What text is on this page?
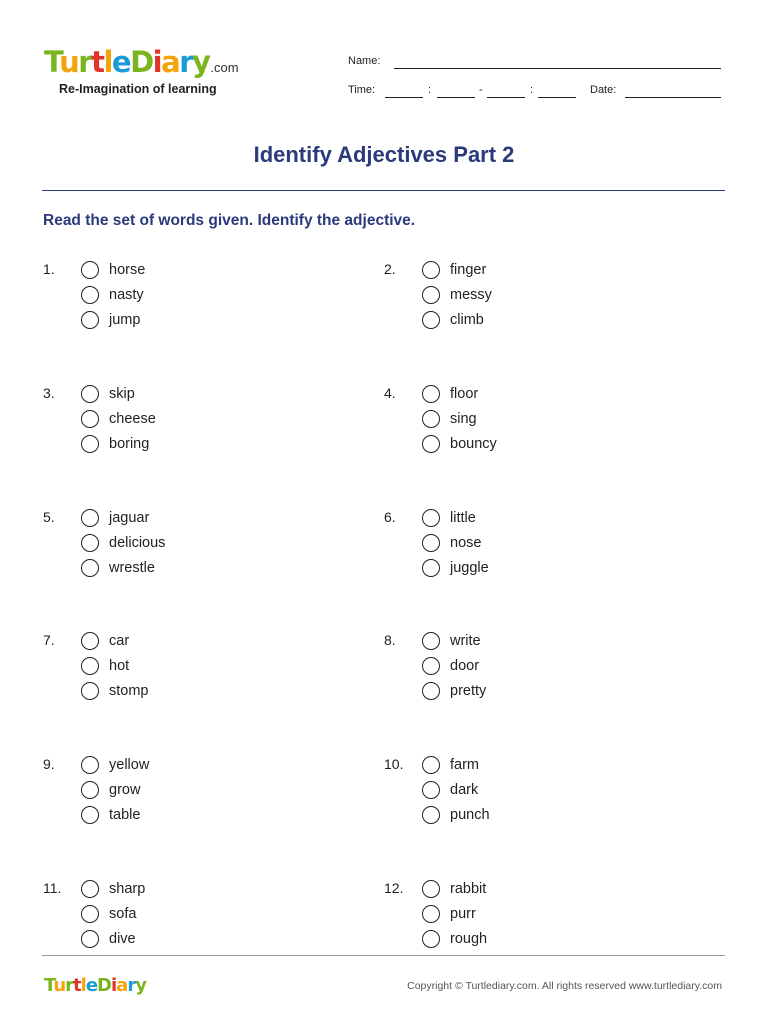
TurtleDiary.com
Re-Imagination of learning
Name:
Time:	:	-	:	Date:
Identify Adjectives Part 2
Read the set of words given. Identify the adjective.
1.	horse
nasty
jump
2.	finger
messy
climb
3.	skip
cheese
boring
4.	floor
sing
bouncy
5.	jaguar
delicious
wrestle
6.	little
nose
juggle
7.	car
hot
stomp
8.	write
door
pretty
9.	yellow
grow
table
10.	farm
dark
punch
11.	sharp
sofa
dive
12.	rabbit
purr
rough
TurtleDiary	Copyright © Turtlediary.com. All rights reserved www.turtlediary.com
